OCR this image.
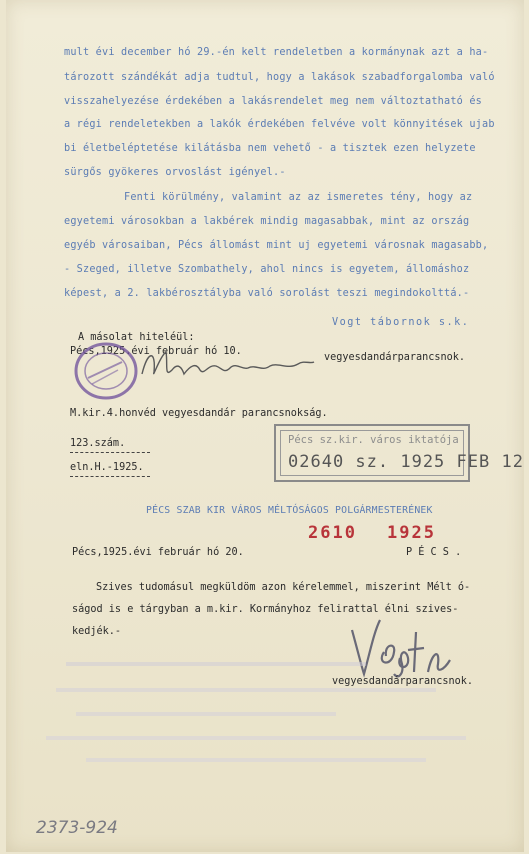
mult évi december hó 29.-én kelt rendeletben a kormánynak azt a ha-
tározott szándékát adja tudtul, hogy a lakások szabadforgalomba való
visszahelyezése érdekében a lakásrendelet meg nem változtatható és
a régi rendeletekben a lakók érdekében felvéve volt könnyitések ujab
bi életbeléptetése kilátásba nem vehető - a tisztek ezen helyzete
sürgős gyökeres orvoslást igényel.-
Fenti körülmény, valamint az az ismeretes tény, hogy az
egyetemi városokban a lakbérek mindig magasabbak, mint az ország
egyéb városaiban, Pécs állomást mint uj egyetemi városnak magasabb,
- Szeged, illetve Szombathely, ahol nincs is egyetem, állomáshoz
képest, a 2. lakbérosztályba való sorolást teszi megindokolttá.-
Vogt tábornok s.k.
A másolat hiteléül:
Pécs,1925.évi február hó 10.
vegyesdandárparancsnok.
M.kir.4.honvéd vegyesdandár parancsnokság.
123.szám.
eln.H.-1925.
Pécs sz.kir. város iktatója
02640 sz. 1925 FEB 12
PÉCS SZAB KIR VÁROS MÉLTÓSÁGOS POLGÁRMESTERÉNEK
2610 1925
Pécs,1925.évi február hó 20.	P É C S .
Szives tudomásul megküldöm azon kérelemmel, miszerint Mélt ó-
ságod is e tárgyban a m.kir. Kormányhoz felirattal élni szives-
kedjék.-
vegyesdandárparancsnok.
2373-924
